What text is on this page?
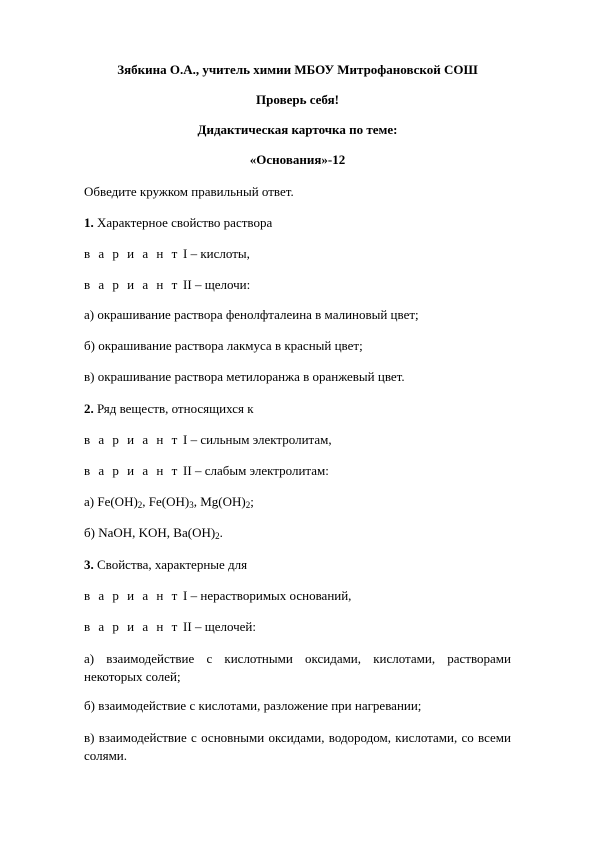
Зябкина О.А., учитель химии МБОУ Митрофановской СОШ
Проверь себя!
Дидактическая карточка по теме:
«Основания»-12
Обведите кружком правильный ответ.
1. Характерное свойство раствора
в а р и а н т I – кислоты,
в а р и а н т II – щелочи:
а) окрашивание раствора фенолфталеина в малиновый цвет;
б) окрашивание раствора лакмуса в красный цвет;
в) окрашивание раствора метилоранжа в оранжевый цвет.
2. Ряд веществ, относящихся к
в а р и а н т I – сильным электролитам,
в а р и а н т II – слабым электролитам:
а) $Fe(OH)_2$, $Fe(OH)_3$, $Mg(OH)_2$;
б) NaOH, KOH, $Ba(OH)_2$.
3. Свойства, характерные для
в а р и а н т I – нерастворимых оснований,
в а р и а н т II – щелочей:
а) взаимодействие с кислотными оксидами, кислотами, растворами некоторых солей;
б) взаимодействие с кислотами, разложение при нагревании;
в) взаимодействие с основными оксидами, водородом, кислотами, со всеми солями.
